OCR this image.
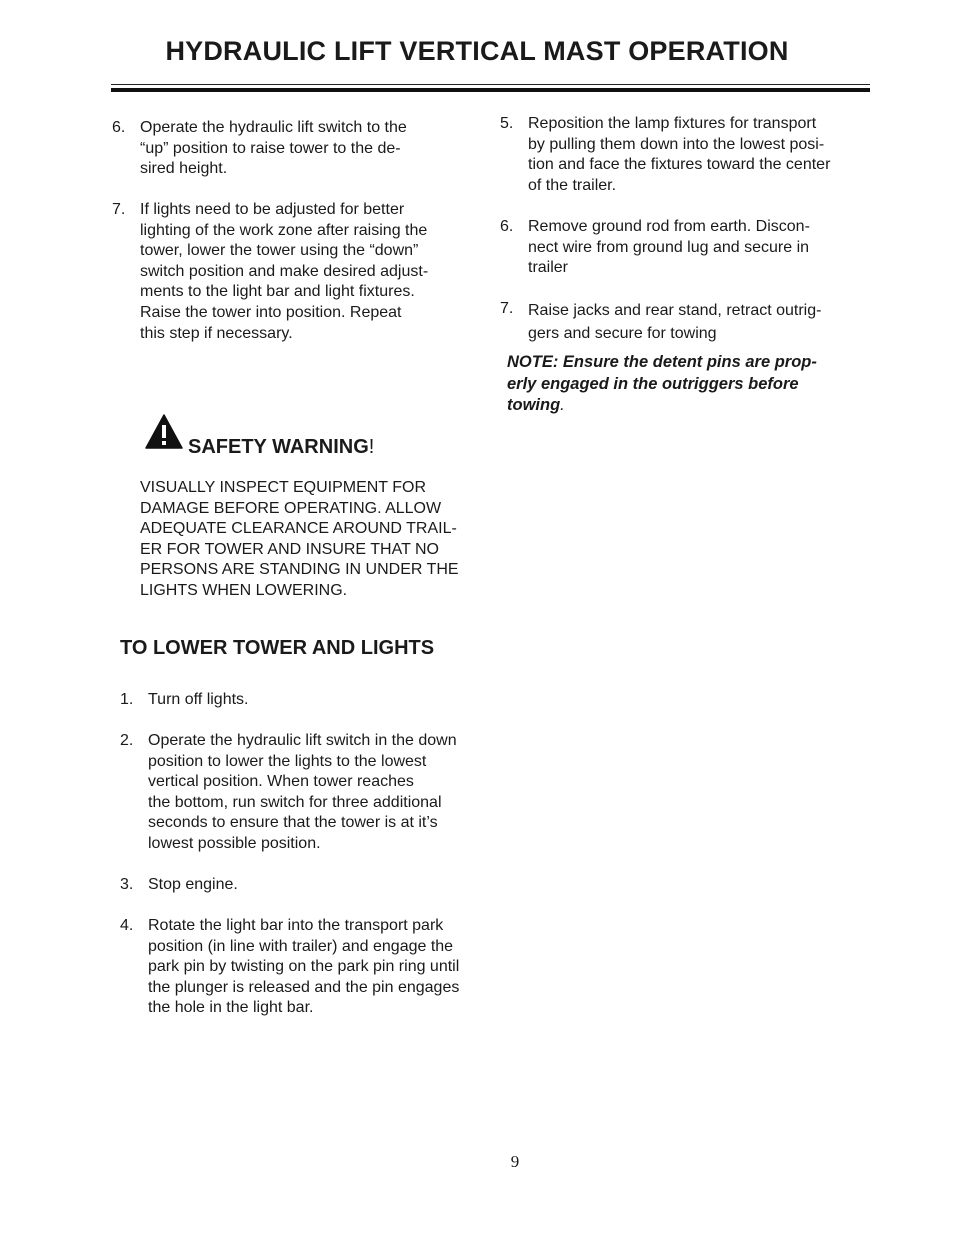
HYDRAULIC LIFT VERTICAL MAST OPERATION

6. Operate the hydraulic lift switch to the
“up” position to raise tower to the de-
sired height.

7. If lights need to be adjusted for better
lighting of the work zone after raising the
tower, lower the tower using the “down”
switch position and make desired adjust-
ments to the light bar and light fixtures.
Raise the tower into position. Repeat
this step if necessary.

SAFETY WARNING!

VISUALLY INSPECT EQUIPMENT FOR
DAMAGE BEFORE OPERATING. ALLOW
ADEQUATE CLEARANCE AROUND TRAIL-
ER FOR TOWER AND INSURE THAT NO
PERSONS ARE STANDING IN UNDER THE
LIGHTS WHEN LOWERING.

TO LOWER TOWER AND LIGHTS

1. Turn off lights.

2. Operate the hydraulic lift switch in the down
position to lower the lights to the lowest
vertical position. When tower reaches
the bottom, run switch for three additional
seconds to ensure that the tower is at it’s
lowest possible position.

3. Stop engine.

4. Rotate the light bar into the transport park
position (in line with trailer) and engage the
park pin by twisting on the park pin ring until
the plunger is released and the pin engages
the hole in the light bar.

5. Reposition the lamp fixtures for transport
by pulling them down into the lowest posi-
tion and face the fixtures toward the center
of the trailer.

6. Remove ground rod from earth. Discon-
nect wire from ground lug and secure in
trailer

7. Raise jacks and rear stand, retract outrig-
gers and secure for towing

NOTE: Ensure the detent pins are prop-
erly engaged in the outriggers before
towing.

9
